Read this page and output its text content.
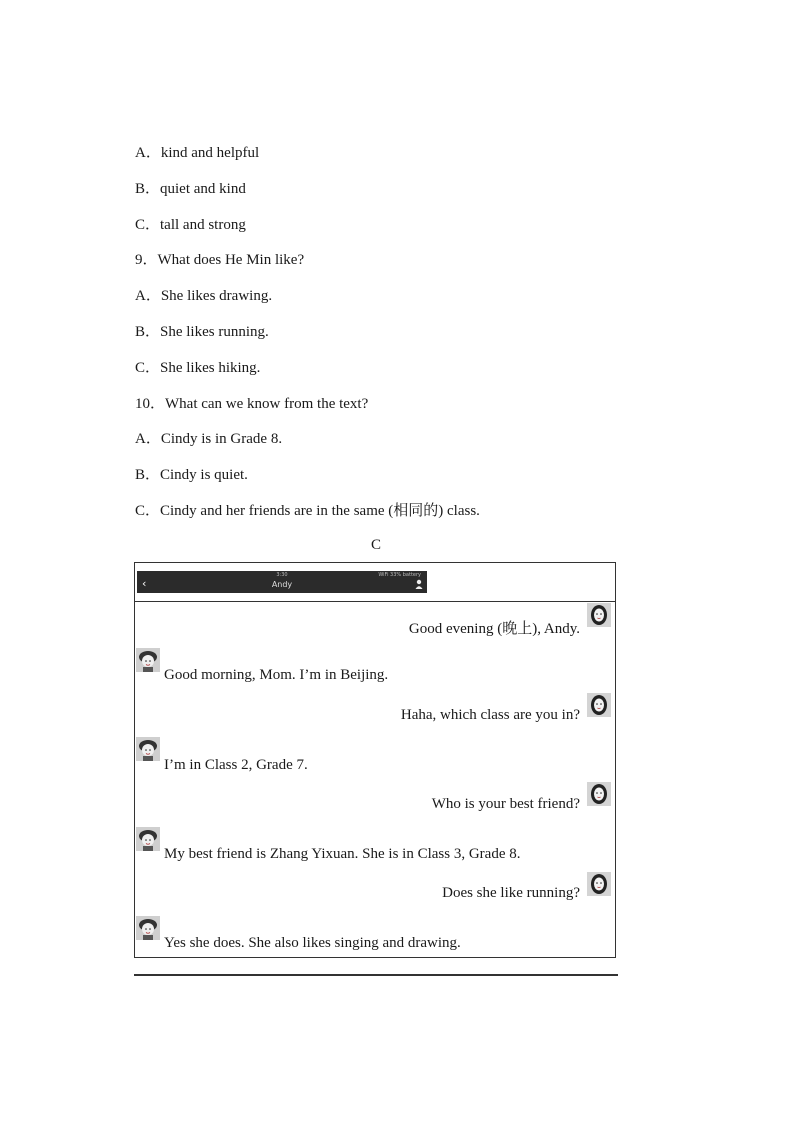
A．kind and helpful
B．quiet and kind
C．tall and strong
9．What does He Min like?
A．She likes drawing.
B．She likes running.
C．She likes hiking.
10．What can we know from the text?
A．Cindy is in Grade 8.
B．Cindy is quiet.
C．Cindy and her friends are in the same (相同的) class.
C
‹
3:30
Andy
WiFi 33% battery
Good evening (晚上), Andy.
Good morning, Mom. I’m in Beijing.
Haha, which class are you in?
I’m in Class 2, Grade 7.
Who is your best friend?
My best friend is Zhang Yixuan. She is in Class 3, Grade 8.
Does she like running?
Yes she does. She also likes singing and drawing.
